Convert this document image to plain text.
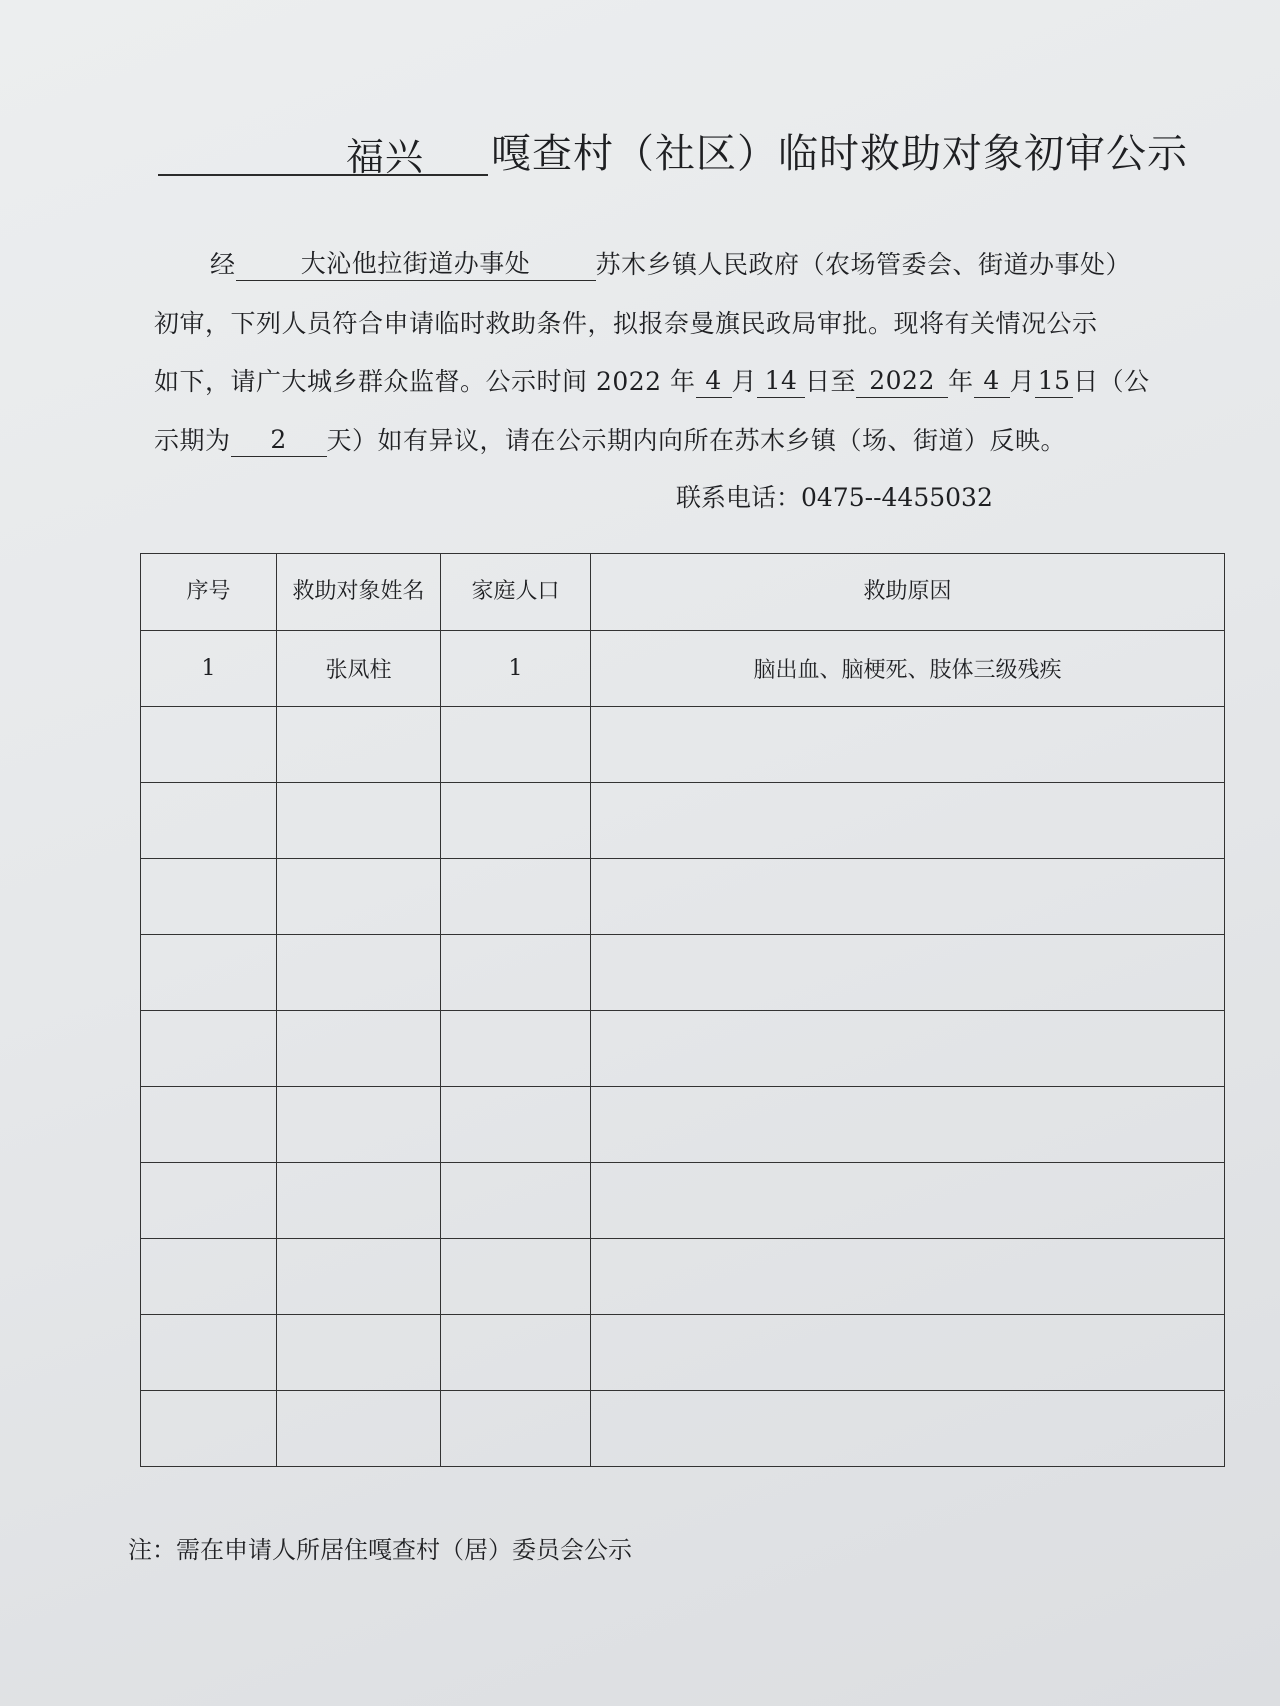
福兴 嘎查村（社区）临时救助对象初审公示
经	大沁他拉街道办事处	苏木乡镇人民政府（农场管委会、街道办事处）
初审，下列人员符合申请临时救助条件，拟报奈曼旗民政局审批。现将有关情况公示
如下，请广大城乡群众监督。公示时间 2022 年 4 月 14 日至 2022 年 4 月 15 日（公
示期为 2 天）如有异议，请在公示期内向所在苏木乡镇（场、街道）反映。
联系电话：0475--4455032
序号	救助对象姓名	家庭人口	救助原因
1	张凤柱	1	脑出血、脑梗死、肢体三级残疾

注：需在申请人所居住嘎查村（居）委员会公示
